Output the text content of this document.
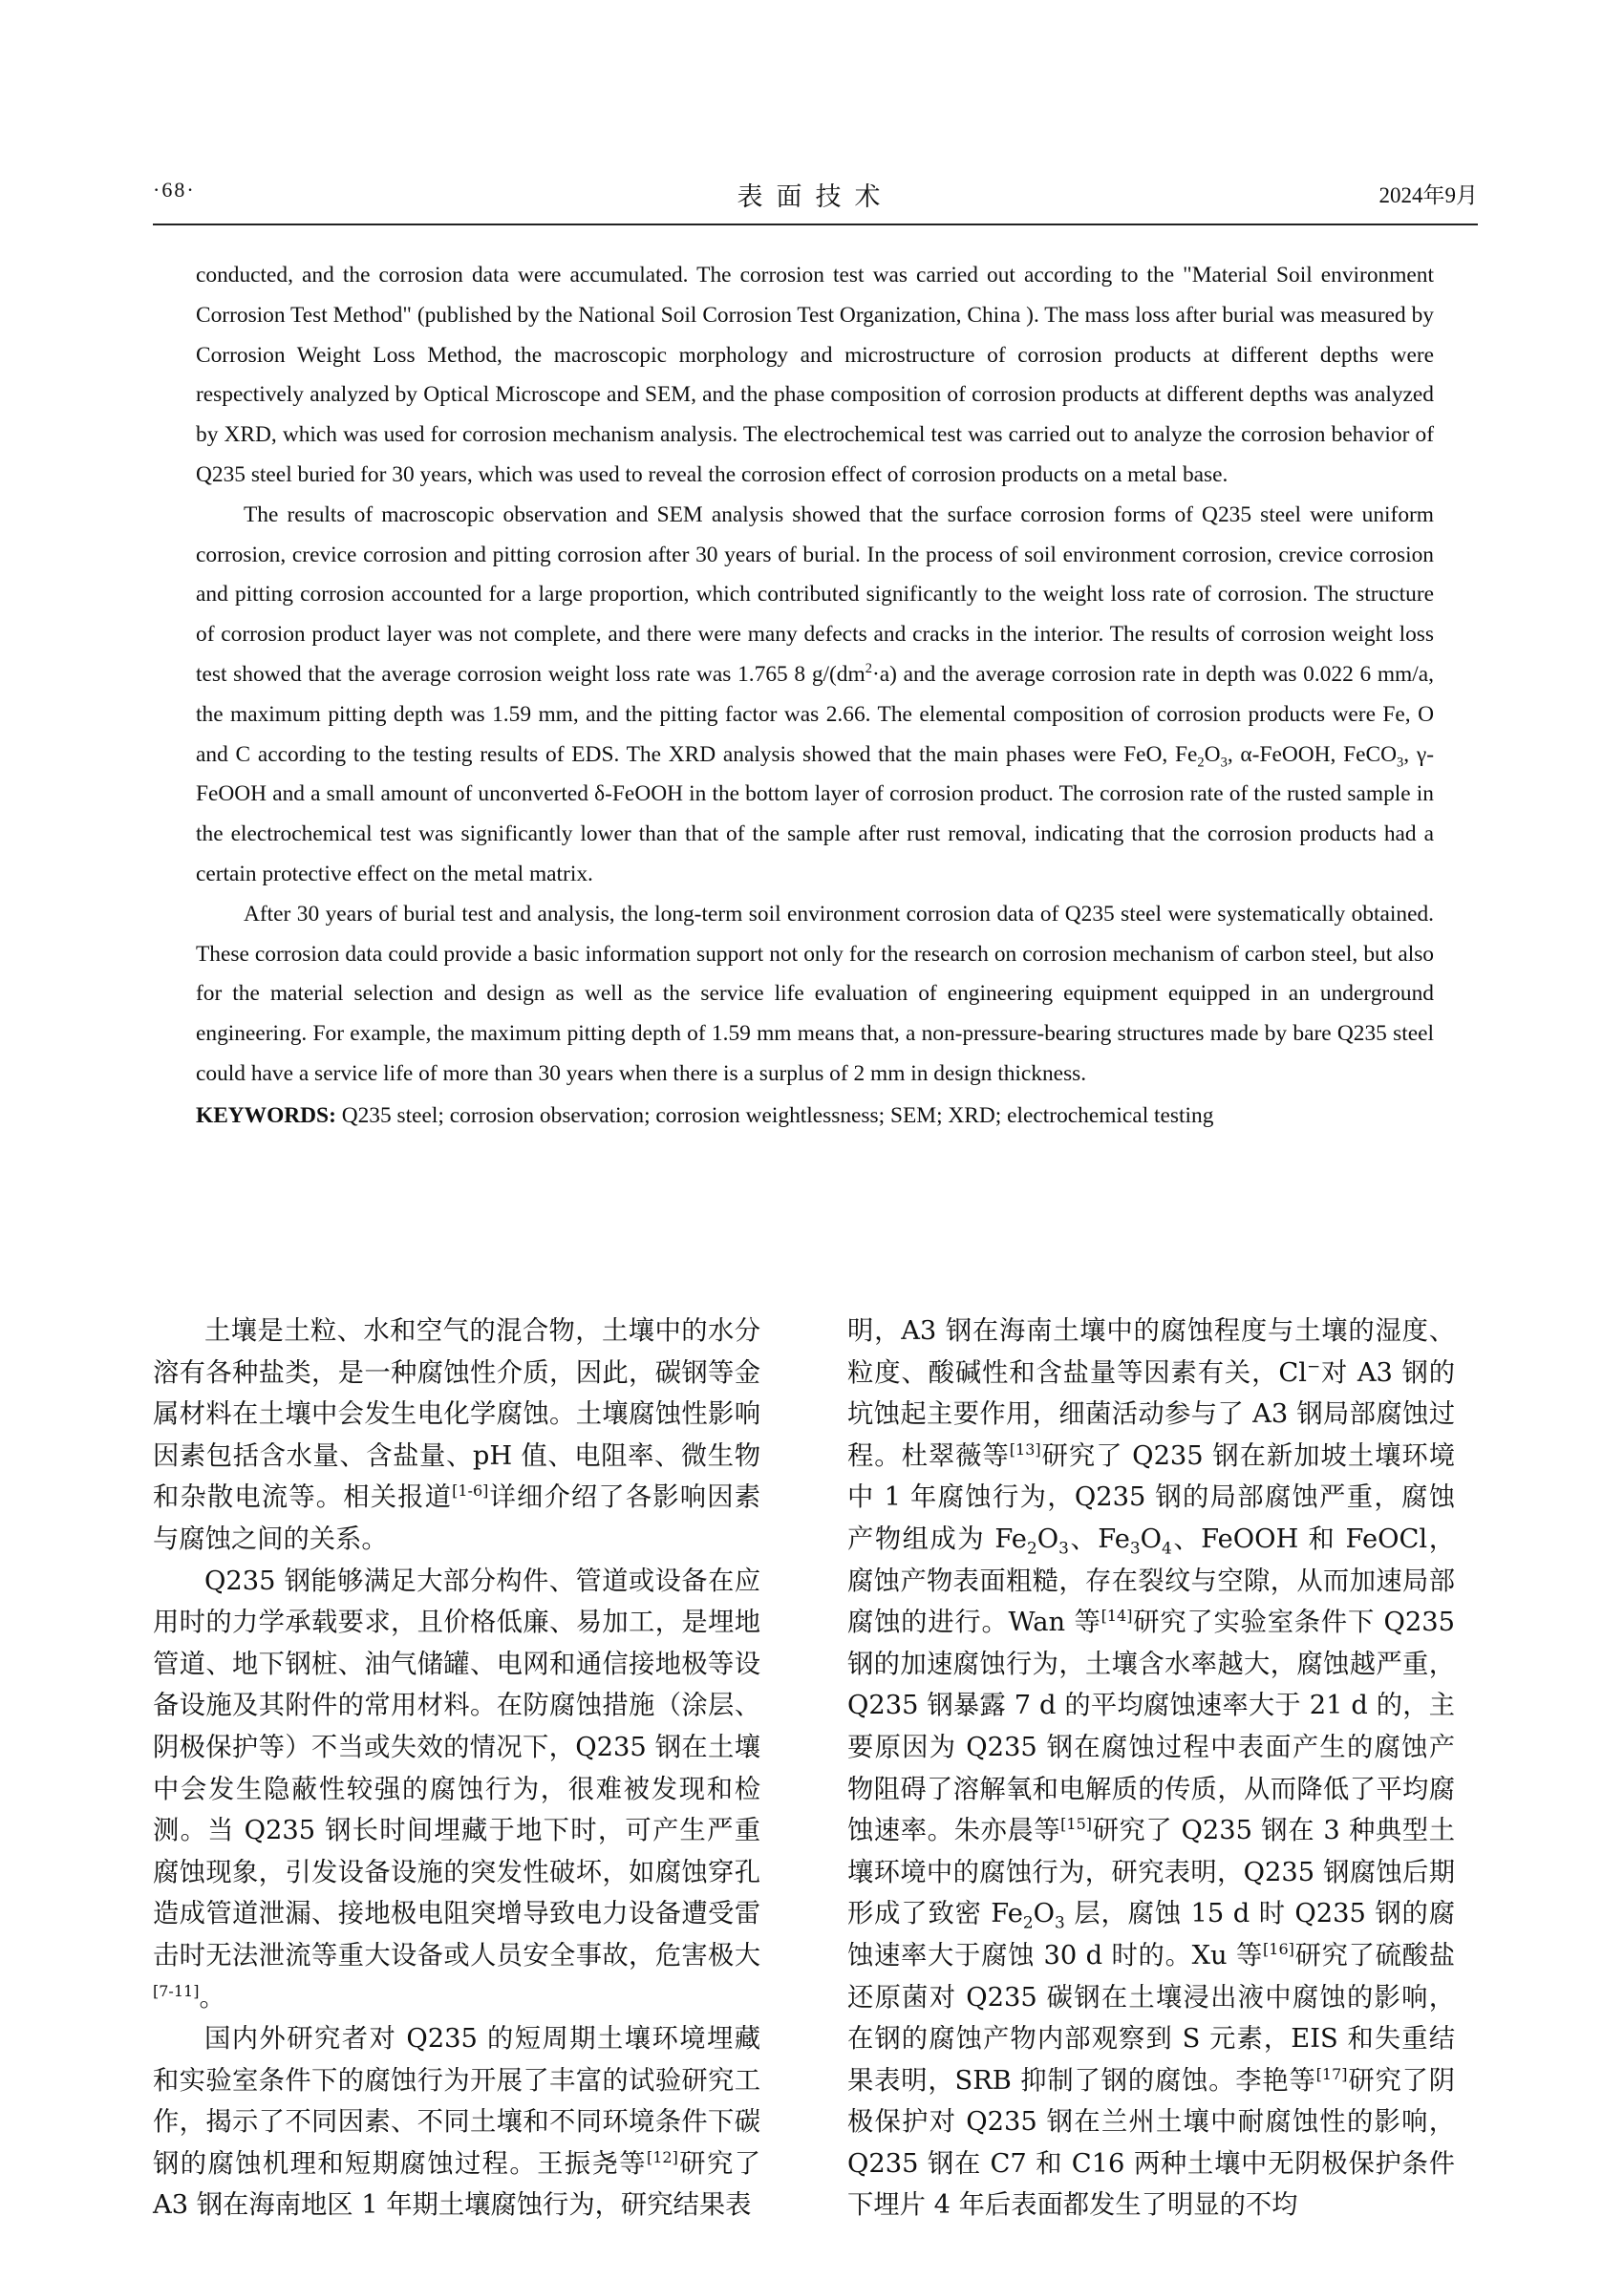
·68·	表面技术	2024年9月

conducted, and the corrosion data were accumulated. The corrosion test was carried out according to the "Material Soil environment Corrosion Test Method" (published by the National Soil Corrosion Test Organization, China ). The mass loss after burial was measured by Corrosion Weight Loss Method, the macroscopic morphology and microstructure of corrosion products at different depths were respectively analyzed by Optical Microscope and SEM, and the phase composition of corrosion products at different depths was analyzed by XRD, which was used for corrosion mechanism analysis. The electrochemical test was carried out to analyze the corrosion behavior of Q235 steel buried for 30 years, which was used to reveal the corrosion effect of corrosion products on a metal base.

The results of macroscopic observation and SEM analysis showed that the surface corrosion forms of Q235 steel were uniform corrosion, crevice corrosion and pitting corrosion after 30 years of burial. In the process of soil environment corrosion, crevice corrosion and pitting corrosion accounted for a large proportion, which contributed significantly to the weight loss rate of corrosion. The structure of corrosion product layer was not complete, and there were many defects and cracks in the interior. The results of corrosion weight loss test showed that the average corrosion weight loss rate was 1.765 8 $g/(dm^2\cdot a)$ and the average corrosion rate in depth was 0.022 6 mm/a, the maximum pitting depth was 1.59 mm, and the pitting factor was 2.66. The elemental composition of corrosion products were Fe, O and C according to the testing results of EDS. The XRD analysis showed that the main phases were FeO, $Fe_2O_3$, α-FeOOH, FeCO$_3$, γ-FeOOH and a small amount of unconverted δ-FeOOH in the bottom layer of corrosion product. The corrosion rate of the rusted sample in the electrochemical test was significantly lower than that of the sample after rust removal, indicating that the corrosion products had a certain protective effect on the metal matrix.

After 30 years of burial test and analysis, the long-term soil environment corrosion data of Q235 steel were systematically obtained. These corrosion data could provide a basic information support not only for the research on corrosion mechanism of carbon steel, but also for the material selection and design as well as the service life evaluation of engineering equipment equipped in an underground engineering. For example, the maximum pitting depth of 1.59 mm means that, a non-pressure-bearing structures made by bare Q235 steel could have a service life of more than 30 years when there is a surplus of 2 mm in design thickness.

KEYWORDS: Q235 steel; corrosion observation; corrosion weightlessness; SEM; XRD; electrochemical testing

土壤是土粒、水和空气的混合物，土壤中的水分溶有各种盐类，是一种腐蚀性介质，因此，碳钢等金属材料在土壤中会发生电化学腐蚀。土壤腐蚀性影响因素包括含水量、含盐量、pH 值、电阻率、微生物和杂散电流等。相关报道[1-6]详细介绍了各影响因素与腐蚀之间的关系。

Q235 钢能够满足大部分构件、管道或设备在应用时的力学承载要求，且价格低廉、易加工，是埋地管道、地下钢桩、油气储罐、电网和通信接地极等设备设施及其附件的常用材料。在防腐蚀措施（涂层、阴极保护等）不当或失效的情况下，Q235 钢在土壤中会发生隐蔽性较强的腐蚀行为，很难被发现和检测。当 Q235 钢长时间埋藏于地下时，可产生严重腐蚀现象，引发设备设施的突发性破坏，如腐蚀穿孔造成管道泄漏、接地极电阻突增导致电力设备遭受雷击时无法泄流等重大设备或人员安全事故，危害极大[7-11]。

国内外研究者对 Q235 的短周期土壤环境埋藏和实验室条件下的腐蚀行为开展了丰富的试验研究工作，揭示了不同因素、不同土壤和不同环境条件下碳钢的腐蚀机理和短期腐蚀过程。王振尧等[12]研究了 A3 钢在海南地区 1 年期土壤腐蚀行为，研究结果表

明，A3 钢在海南土壤中的腐蚀程度与土壤的湿度、粒度、酸碱性和含盐量等因素有关，Cl−对 A3 钢的坑蚀起主要作用，细菌活动参与了 A3 钢局部腐蚀过程。杜翠薇等[13]研究了 Q235 钢在新加坡土壤环境中 1 年腐蚀行为，Q235 钢的局部腐蚀严重，腐蚀产物组成为 $Fe_2O_3$、$Fe_3O_4$、FeOOH 和 FeOCl，腐蚀产物表面粗糙，存在裂纹与空隙，从而加速局部腐蚀的进行。Wan 等[14]研究了实验室条件下 Q235 钢的加速腐蚀行为，土壤含水率越大，腐蚀越严重，Q235 钢暴露 7 d 的平均腐蚀速率大于 21 d 的，主要原因为 Q235 钢在腐蚀过程中表面产生的腐蚀产物阻碍了溶解氧和电解质的传质，从而降低了平均腐蚀速率。朱亦晨等[15]研究了 Q235 钢在 3 种典型土壤环境中的腐蚀行为，研究表明，Q235 钢腐蚀后期形成了致密 $Fe_2O_3$ 层，腐蚀 15 d 时 Q235 钢的腐蚀速率大于腐蚀 30 d 时的。Xu 等[16]研究了硫酸盐还原菌对 Q235 碳钢在土壤浸出液中腐蚀的影响，在钢的腐蚀产物内部观察到 S 元素，EIS 和失重结果表明，SRB 抑制了钢的腐蚀。李艳等[17]研究了阴极保护对 Q235 钢在兰州土壤中耐腐蚀性的影响，Q235 钢在 C7 和 C16 两种土壤中无阴极保护条件下埋片 4 年后表面都发生了明显的不均
